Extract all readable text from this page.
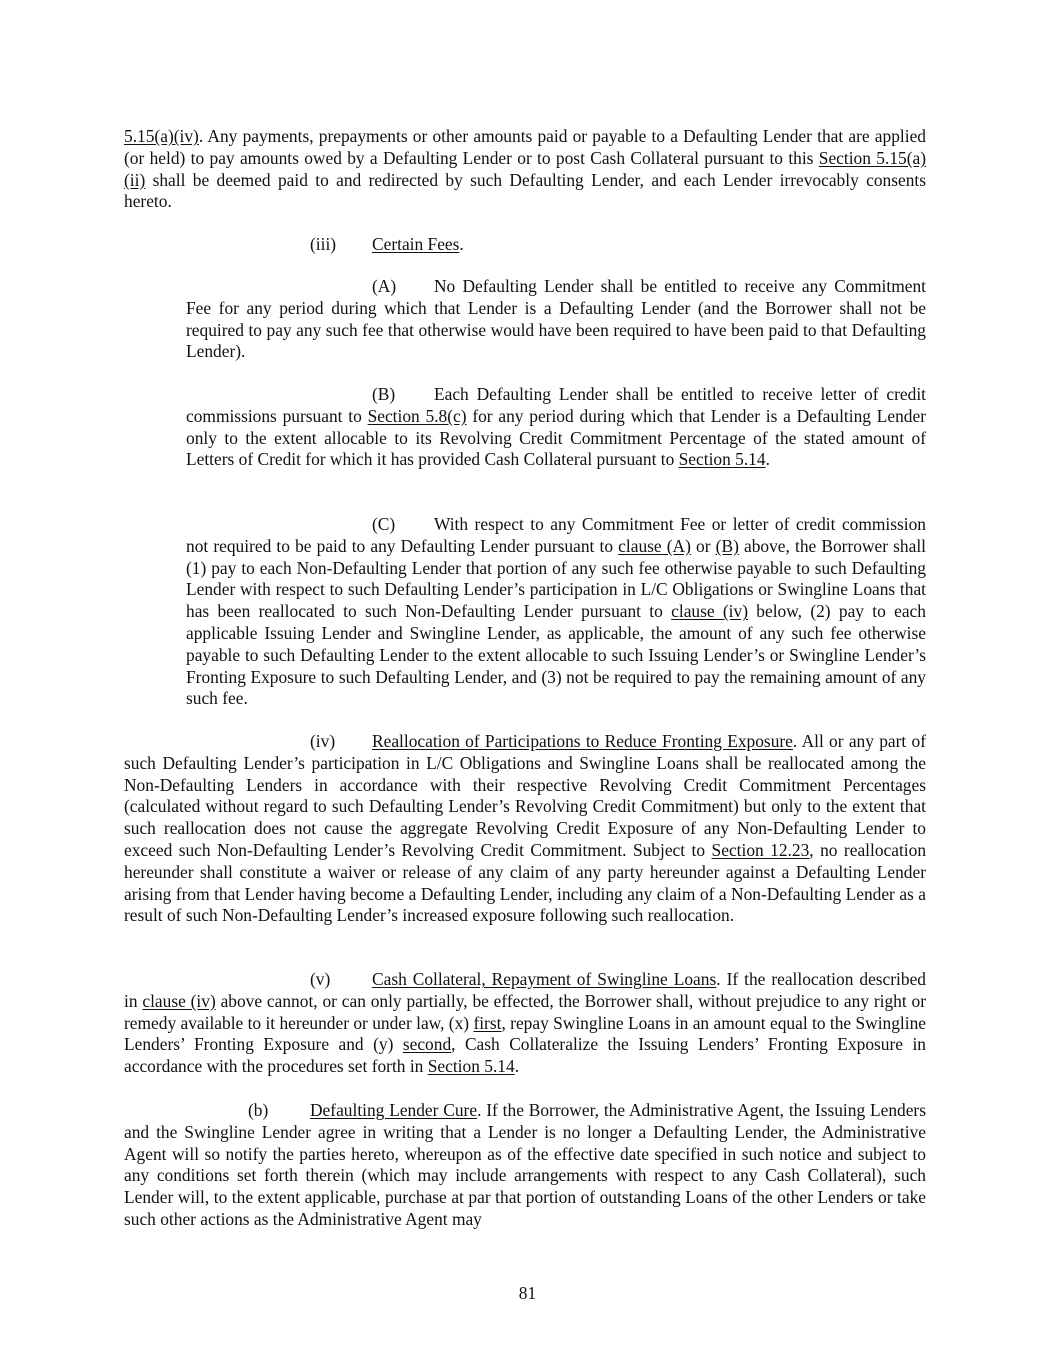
5.15(a)(iv). Any payments, prepayments or other amounts paid or payable to a Defaulting Lender that are applied (or held) to pay amounts owed by a Defaulting Lender or to post Cash Collateral pursuant to this Section 5.15(a)(ii) shall be deemed paid to and redirected by such Defaulting Lender, and each Lender irrevocably consents hereto.

(iii) Certain Fees.

(A) No Defaulting Lender shall be entitled to receive any Commitment Fee for any period during which that Lender is a Defaulting Lender (and the Borrower shall not be required to pay any such fee that otherwise would have been required to have been paid to that Defaulting Lender).

(B) Each Defaulting Lender shall be entitled to receive letter of credit commissions pursuant to Section 5.8(c) for any period during which that Lender is a Defaulting Lender only to the extent allocable to its Revolving Credit Commitment Percentage of the stated amount of Letters of Credit for which it has provided Cash Collateral pursuant to Section 5.14.

(C) With respect to any Commitment Fee or letter of credit commission not required to be paid to any Defaulting Lender pursuant to clause (A) or (B) above, the Borrower shall (1) pay to each Non-Defaulting Lender that portion of any such fee otherwise payable to such Defaulting Lender with respect to such Defaulting Lender’s participation in L/C Obligations or Swingline Loans that has been reallocated to such Non-Defaulting Lender pursuant to clause (iv) below, (2) pay to each applicable Issuing Lender and Swingline Lender, as applicable, the amount of any such fee otherwise payable to such Defaulting Lender to the extent allocable to such Issuing Lender’s or Swingline Lender’s Fronting Exposure to such Defaulting Lender, and (3) not be required to pay the remaining amount of any such fee.

(iv) Reallocation of Participations to Reduce Fronting Exposure. All or any part of such Defaulting Lender’s participation in L/C Obligations and Swingline Loans shall be reallocated among the Non-Defaulting Lenders in accordance with their respective Revolving Credit Commitment Percentages (calculated without regard to such Defaulting Lender’s Revolving Credit Commitment) but only to the extent that such reallocation does not cause the aggregate Revolving Credit Exposure of any Non-Defaulting Lender to exceed such Non-Defaulting Lender’s Revolving Credit Commitment. Subject to Section 12.23, no reallocation hereunder shall constitute a waiver or release of any claim of any party hereunder against a Defaulting Lender arising from that Lender having become a Defaulting Lender, including any claim of a Non-Defaulting Lender as a result of such Non-Defaulting Lender’s increased exposure following such reallocation.

(v) Cash Collateral, Repayment of Swingline Loans. If the reallocation described in clause (iv) above cannot, or can only partially, be effected, the Borrower shall, without prejudice to any right or remedy available to it hereunder or under law, (x) first, repay Swingline Loans in an amount equal to the Swingline Lenders’ Fronting Exposure and (y) second, Cash Collateralize the Issuing Lenders’ Fronting Exposure in accordance with the procedures set forth in Section 5.14.

(b) Defaulting Lender Cure. If the Borrower, the Administrative Agent, the Issuing Lenders and the Swingline Lender agree in writing that a Lender is no longer a Defaulting Lender, the Administrative Agent will so notify the parties hereto, whereupon as of the effective date specified in such notice and subject to any conditions set forth therein (which may include arrangements with respect to any Cash Collateral), such Lender will, to the extent applicable, purchase at par that portion of outstanding Loans of the other Lenders or take such other actions as the Administrative Agent may

81
